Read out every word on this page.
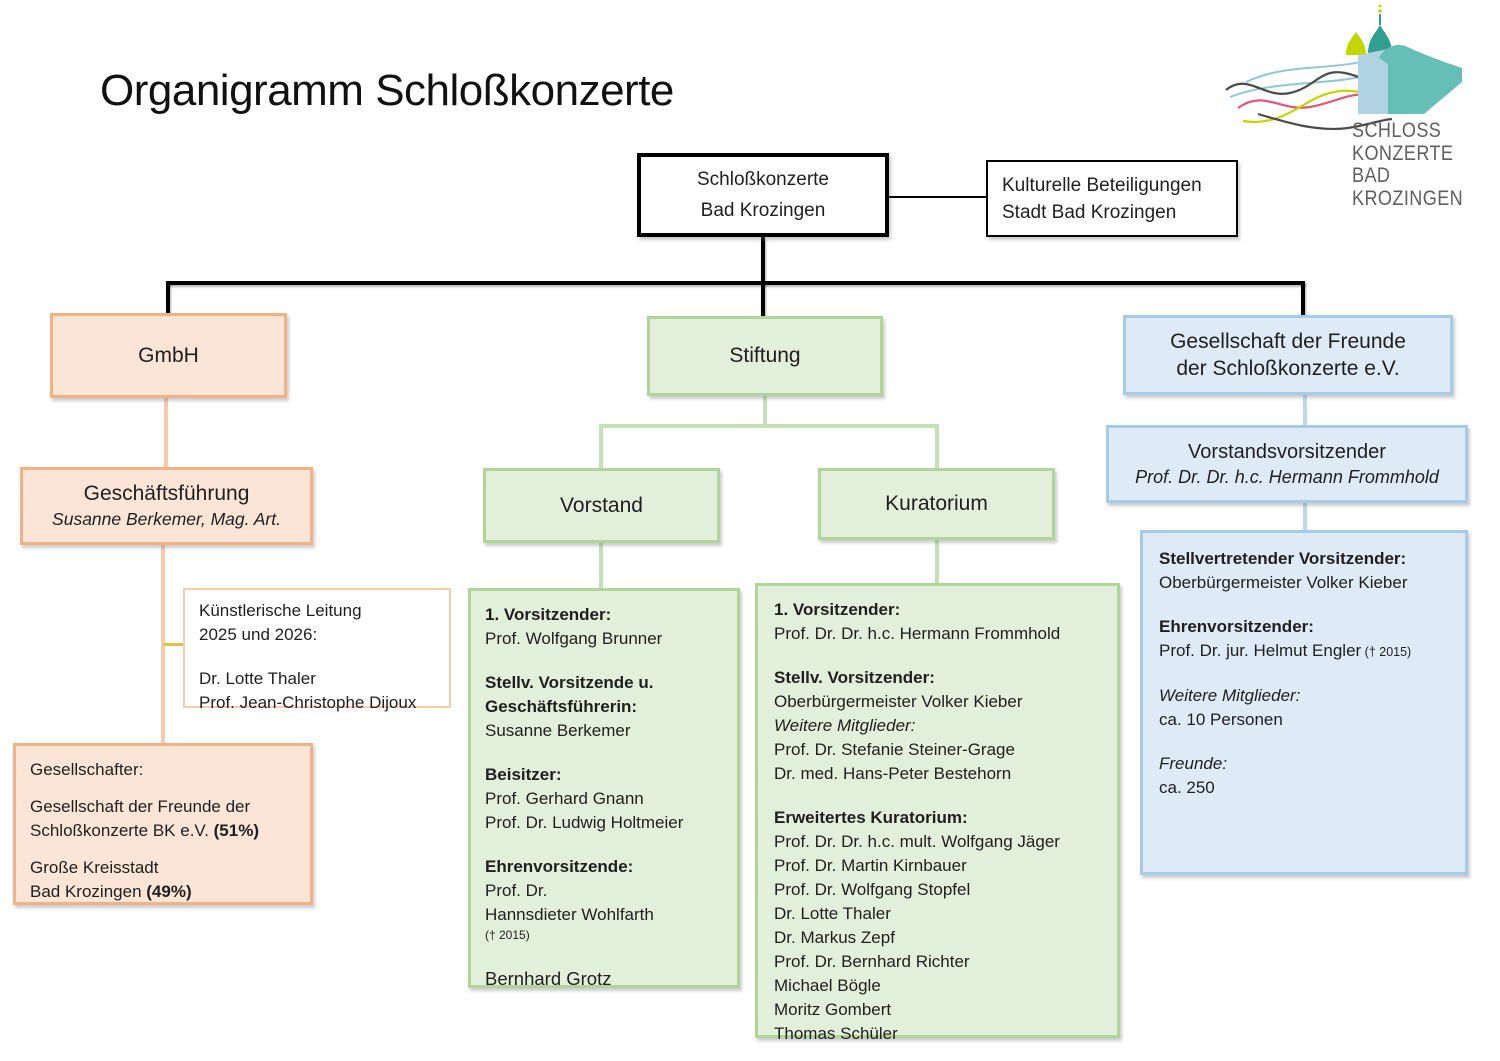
Organigramm Schloßkonzerte
SCHLOSS
KONZERTE
BAD
KROZINGEN
Schloßkonzerte
Bad Krozingen
Kulturelle Beteiligungen
Stadt Bad Krozingen
GmbH
Geschäftsführung
Susanne Berkemer, Mag. Art.
Künstlerische Leitung
2025 und 2026:

Dr. Lotte Thaler
Prof. Jean-Christophe Dijoux
Gesellschafter:

Gesellschaft der Freunde der
Schloßkonzerte BK e.V. (51%)

Große Kreisstadt
Bad Krozingen (49%)
Stiftung
Vorstand	Kuratorium
1. Vorsitzender:
Prof. Wolfgang Brunner

Stellv. Vorsitzende u.
Geschäftsführerin:
Susanne Berkemer

Beisitzer:
Prof. Gerhard Gnann
Prof. Dr. Ludwig Holtmeier

Ehrenvorsitzende:
Prof. Dr.
Hannsdieter Wohlfarth
(† 2015)

Bernhard Grotz
1. Vorsitzender:
Prof. Dr. Dr. h.c. Hermann Frommhold

Stellv. Vorsitzender:
Oberbürgermeister Volker Kieber
Weitere Mitglieder:
Prof. Dr. Stefanie Steiner-Grage
Dr. med. Hans-Peter Bestehorn

Erweitertes Kuratorium:
Prof. Dr. Dr. h.c. mult. Wolfgang Jäger
Prof. Dr. Martin Kirnbauer
Prof. Dr. Wolfgang Stopfel
Dr. Lotte Thaler
Dr. Markus Zepf
Prof. Dr. Bernhard Richter
Michael Bögle
Moritz Gombert
Thomas Schüler
Gesellschaft der Freunde
der Schloßkonzerte e.V.
Vorstandsvorsitzender
Prof. Dr. Dr. h.c. Hermann Frommhold
Stellvertretender Vorsitzender:
Oberbürgermeister Volker Kieber

Ehrenvorsitzender:
Prof. Dr. jur. Helmut Engler († 2015)

Weitere Mitglieder:
ca. 10 Personen

Freunde:
ca. 250
